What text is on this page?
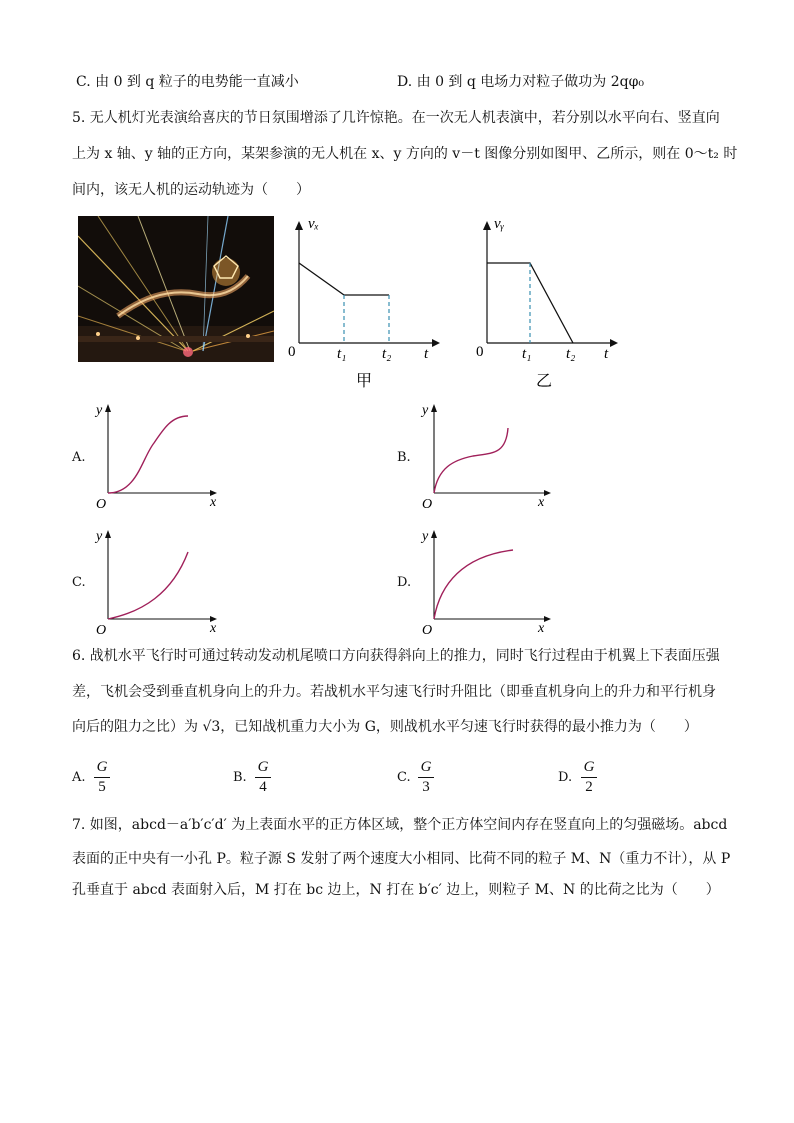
C. 由 0 到 q 粒子的电势能一直减小	D. 由 0 到 q 电场力对粒子做功为 2qφ₀
5. 无人机灯光表演给喜庆的节日氛围增添了几许惊艳。在一次无人机表演中，若分别以水平向右、竖直向
上为 x 轴、y 轴的正方向，某架参演的无人机在 x、y 方向的 v－t 图像分别如图甲、乙所示，则在 0～t₂ 时
间内，该无人机的运动轨迹为（　　）
vₓ
0	t₁ t₂ t
甲
vᵧ
0	t₁ t₂ t
乙
A.
y
O	x
B.
y
O	x
C.
y
O	x
D.
y
O	x
6. 战机水平飞行时可通过转动发动机尾喷口方向获得斜向上的推力，同时飞行过程由于机翼上下表面压强
差，飞机会受到垂直机身向上的升力。若战机水平匀速飞行时升阻比（即垂直机身向上的升力和平行机身
向后的阻力之比）为 √3，已知战机重力大小为 G，则战机水平匀速飞行时获得的最小推力为（　　）
A.
G
5
B.
G
4
C.
G
3
D.
G
2
7. 如图，abcd－a′b′c′d′ 为上表面水平的正方体区域，整个正方体空间内存在竖直向上的匀强磁场。abcd
表面的正中央有一小孔 P。粒子源 S 发射了两个速度大小相同、比荷不同的粒子 M、N（重力不计），从 P
孔垂直于 abcd 表面射入后，M 打在 bc 边上，N 打在 b′c′ 边上，则粒子 M、N 的比荷之比为（　　）
